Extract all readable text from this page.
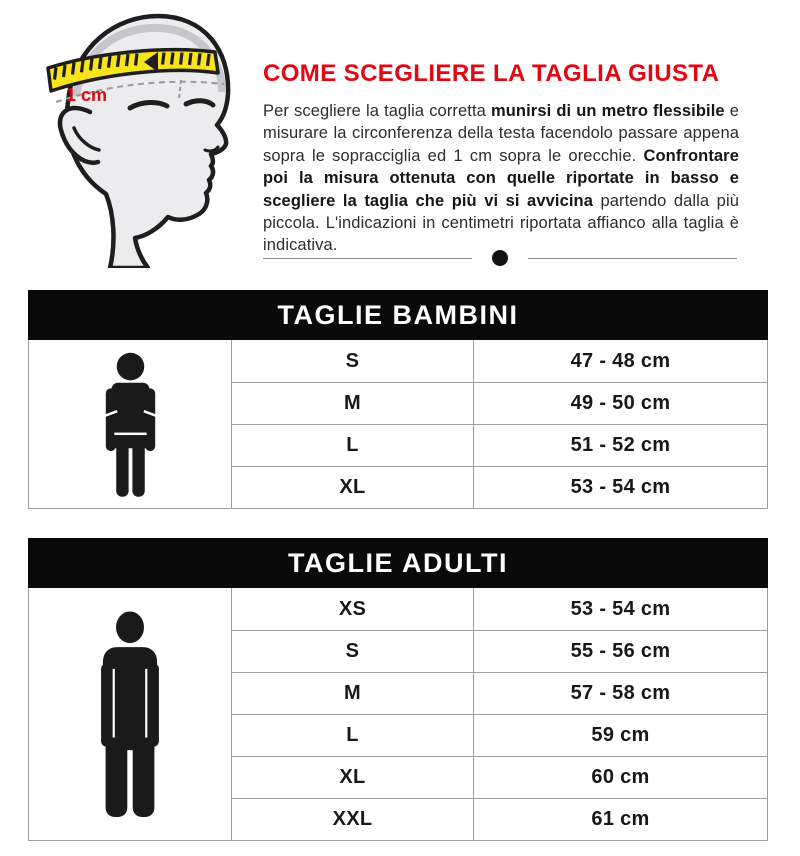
1 cm
COME SCEGLIERE LA TAGLIA GIUSTA

Per scegliere la taglia corretta munirsi di un metro flessibile e misurare la circonferenza della testa facendolo passare appena sopra le sopracciglia ed 1 cm sopra le orecchie. Confrontare poi la misura ottenuta con quelle riportate in basso e scegliere la taglia che più vi si avvicina partendo dalla più piccola. L'indicazioni in centimetri riportata affianco alla taglia è indicativa.

TAGLIE BAMBINI
S	47 - 48 cm
M	49 - 50 cm
L	51 - 52 cm
XL	53 - 54 cm
TAGLIE ADULTI
XS	53 - 54 cm
S	55 - 56 cm
M	57 - 58 cm
L	59 cm
XL	60 cm
XXL	61 cm
